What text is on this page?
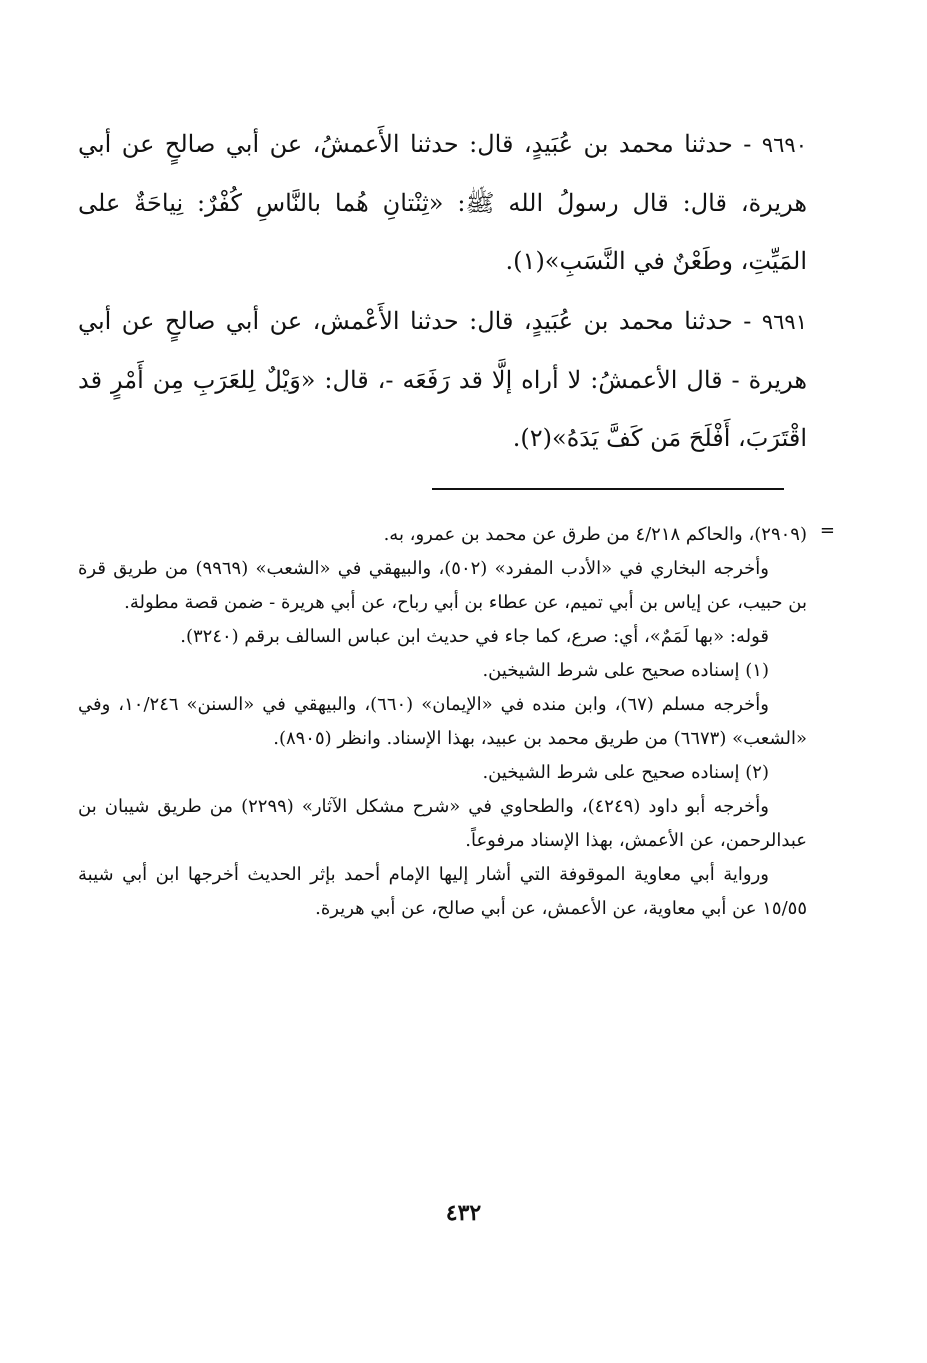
٩٦٩٠ - حدثنا محمد بن عُبَيدٍ، قال: حدثنا الأَعمشُ، عن أبي صالحٍ عن أبي هريرة، قال: قال رسولُ الله ﷺ: «ثِنْتانِ هُما بالنَّاسِ كُفْرٌ: نِياحَةٌ على المَيِّتِ، وطَعْنٌ في النَّسَبِ»(١).

٩٦٩١ - حدثنا محمد بن عُبَيدٍ، قال: حدثنا الأَعْمش، عن أبي صالحٍ عن أبي هريرة - قال الأعمشُ: لا أراه إلَّا قد رَفَعَه -، قال: «وَيْلٌ لِلعَرَبِ مِن أَمْرٍ قد اقْتَرَبَ، أَفْلَحَ مَن كَفَّ يَدَهُ»(٢).

=

(٢٩٠٩)، والحاكم ٤/٢١٨ من طرق عن محمد بن عمرو، به.

وأخرجه البخاري في «الأدب المفرد» (٥٠٢)، والبيهقي في «الشعب» (٩٩٦٩) من طريق قرة بن حبيب، عن إياس بن أبي تميم، عن عطاء بن أبي رباح، عن أبي هريرة - ضمن قصة مطولة.

قوله: «بها لَمَمٌ»، أي: صرع، كما جاء في حديث ابن عباس السالف برقم (٣٢٤٠).

(١) إسناده صحيح على شرط الشيخين.

وأخرجه مسلم (٦٧)، وابن منده في «الإيمان» (٦٦٠)، والبيهقي في «السنن» ١٠/٢٤٦، وفي «الشعب» (٦٦٧٣) من طريق محمد بن عبيد، بهذا الإسناد. وانظر (٨٩٠٥).

(٢) إسناده صحيح على شرط الشيخين.

وأخرجه أبو داود (٤٢٤٩)، والطحاوي في «شرح مشكل الآثار» (٢٢٩٩) من طريق شيبان بن عبدالرحمن، عن الأعمش، بهذا الإسناد مرفوعاً.

ورواية أبي معاوية الموقوفة التي أشار إليها الإمام أحمد بإثر الحديث أخرجها ابن أبي شيبة ١٥/٥٥ عن أبي معاوية، عن الأعمش، عن أبي صالح، عن أبي هريرة.

٤٣٢
